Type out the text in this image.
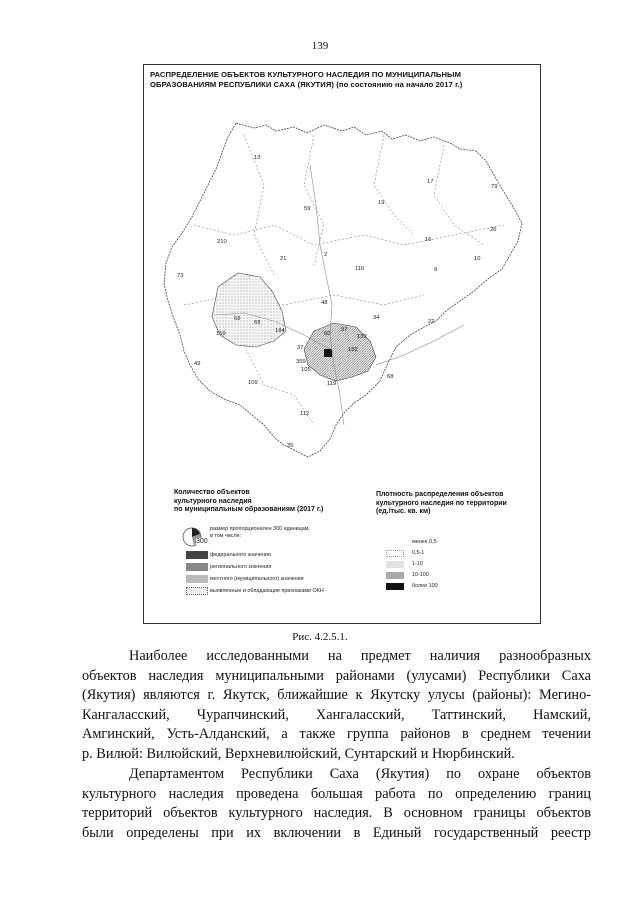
139
РАСПРЕДЕЛЕНИЕ ОБЪЕКТОВ КУЛЬТУРНОГО НАСЛЕДИЯ ПО МУНИЦИПАЛЬНЫМ
ОБРАЗОВАНИЯМ РЕСПУБЛИКИ САХА (ЯКУТИЯ) (по состоянию на начало 2017 г.)
13
17
79
59
19
26
16
210
21
2
116	9
10
73
48
34
22
68
69
184	60
97
159	132
37	182
359
49
105
68
109	119
112
35
Количество объектов
культурного наследия
по муниципальным образованиям (2017 г.)
300
размер пропорционален 300 единицам,
в том числе:
федерального значения
регионального значения
местного (муниципального) значения
выявленные и обладающие признаками ОКН
Плотность распределения объектов
культурного наследия по территории
(ед./тыс. кв. км)
менее 0,5
0,5-1
1-10
10-100
более 100
Рис. 4.2.5.1.
Наиболее исследованными на предмет наличия разнообразных
объектов наследия муниципальными районами (улусами) Республики Саха
(Якутия) являются г. Якутск, ближайшие к Якутску улусы (районы): Мегино-
Кангаласский, Чурапчинский, Хангаласский, Таттинский, Намский,
Амгинский, Усть-Алданский, а также группа районов в среднем течении
р. Вилюй: Вилюйский, Верхневилюйский, Сунтарский и Нюрбинский.
Департаментом Республики Саха (Якутия) по охране объектов
культурного наследия проведена большая работа по определению границ
территорий объектов культурного наследия. В основном границы объектов
были определены при их включении в Единый государственный реестр
